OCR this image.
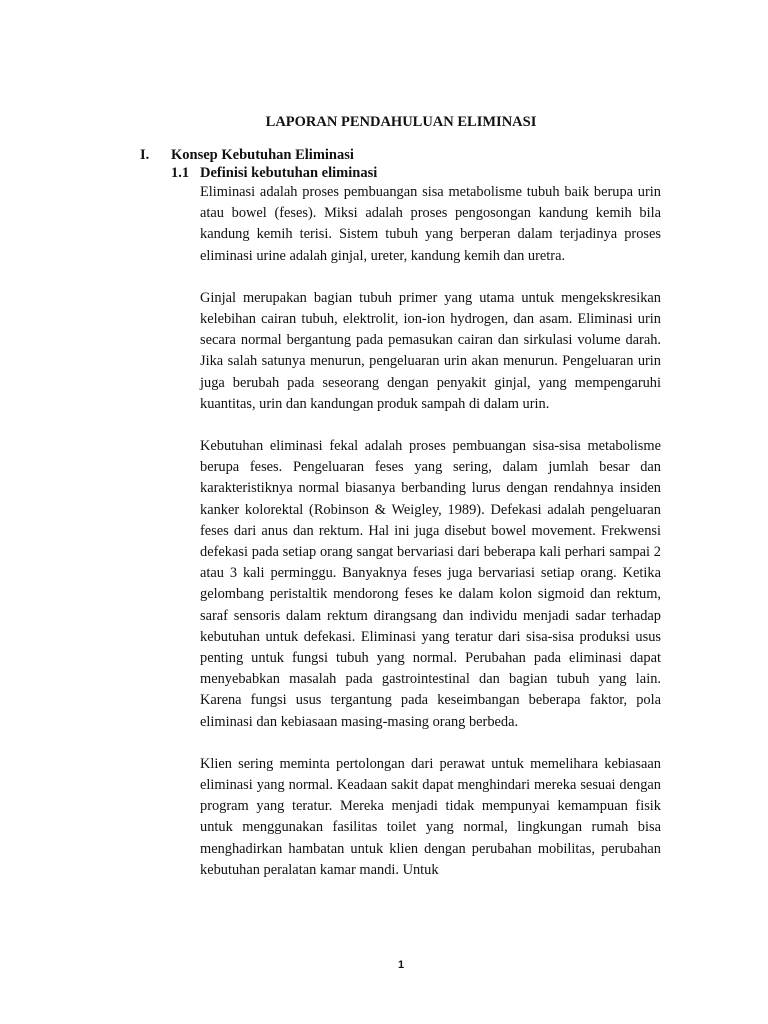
LAPORAN PENDAHULUAN ELIMINASI
I. Konsep Kebutuhan Eliminasi
1.1 Definisi kebutuhan eliminasi

Eliminasi adalah proses pembuangan sisa metabolisme tubuh baik berupa urin atau bowel (feses). Miksi adalah proses pengosongan kandung kemih bila kandung kemih terisi. Sistem tubuh yang berperan dalam terjadinya proses eliminasi urine adalah ginjal, ureter, kandung kemih dan uretra.

Ginjal merupakan bagian tubuh primer yang utama untuk mengekskresikan kelebihan cairan tubuh, elektrolit, ion-ion hydrogen, dan asam. Eliminasi urin secara normal bergantung pada pemasukan cairan dan sirkulasi volume darah. Jika salah satunya menurun, pengeluaran urin akan menurun. Pengeluaran urin juga berubah pada seseorang dengan penyakit ginjal, yang mempengaruhi kuantitas, urin dan kandungan produk sampah di dalam urin.

Kebutuhan eliminasi fekal adalah proses pembuangan sisa-sisa metabolisme berupa feses. Pengeluaran feses yang sering, dalam jumlah besar dan karakteristiknya normal biasanya berbanding lurus dengan rendahnya insiden kanker kolorektal (Robinson & Weigley, 1989). Defekasi adalah pengeluaran feses dari anus dan rektum. Hal ini juga disebut bowel movement. Frekwensi defekasi pada setiap orang sangat bervariasi dari beberapa kali perhari sampai 2 atau 3 kali perminggu. Banyaknya feses juga bervariasi setiap orang. Ketika gelombang peristaltik mendorong feses ke dalam kolon sigmoid dan rektum, saraf sensoris dalam rektum dirangsang dan individu menjadi sadar terhadap kebutuhan untuk defekasi. Eliminasi yang teratur dari sisa-sisa produksi usus penting untuk fungsi tubuh yang normal. Perubahan pada eliminasi dapat menyebabkan masalah pada gastrointestinal dan bagian tubuh yang lain. Karena fungsi usus tergantung pada keseimbangan beberapa faktor, pola eliminasi dan kebiasaan masing-masing orang berbeda.

Klien sering meminta pertolongan dari perawat untuk memelihara kebiasaan eliminasi yang normal. Keadaan sakit dapat menghindari mereka sesuai dengan program yang teratur. Mereka menjadi tidak mempunyai kemampuan fisik untuk menggunakan fasilitas toilet yang normal, lingkungan rumah bisa menghadirkan hambatan untuk klien dengan perubahan mobilitas, perubahan kebutuhan peralatan kamar mandi. Untuk

1
